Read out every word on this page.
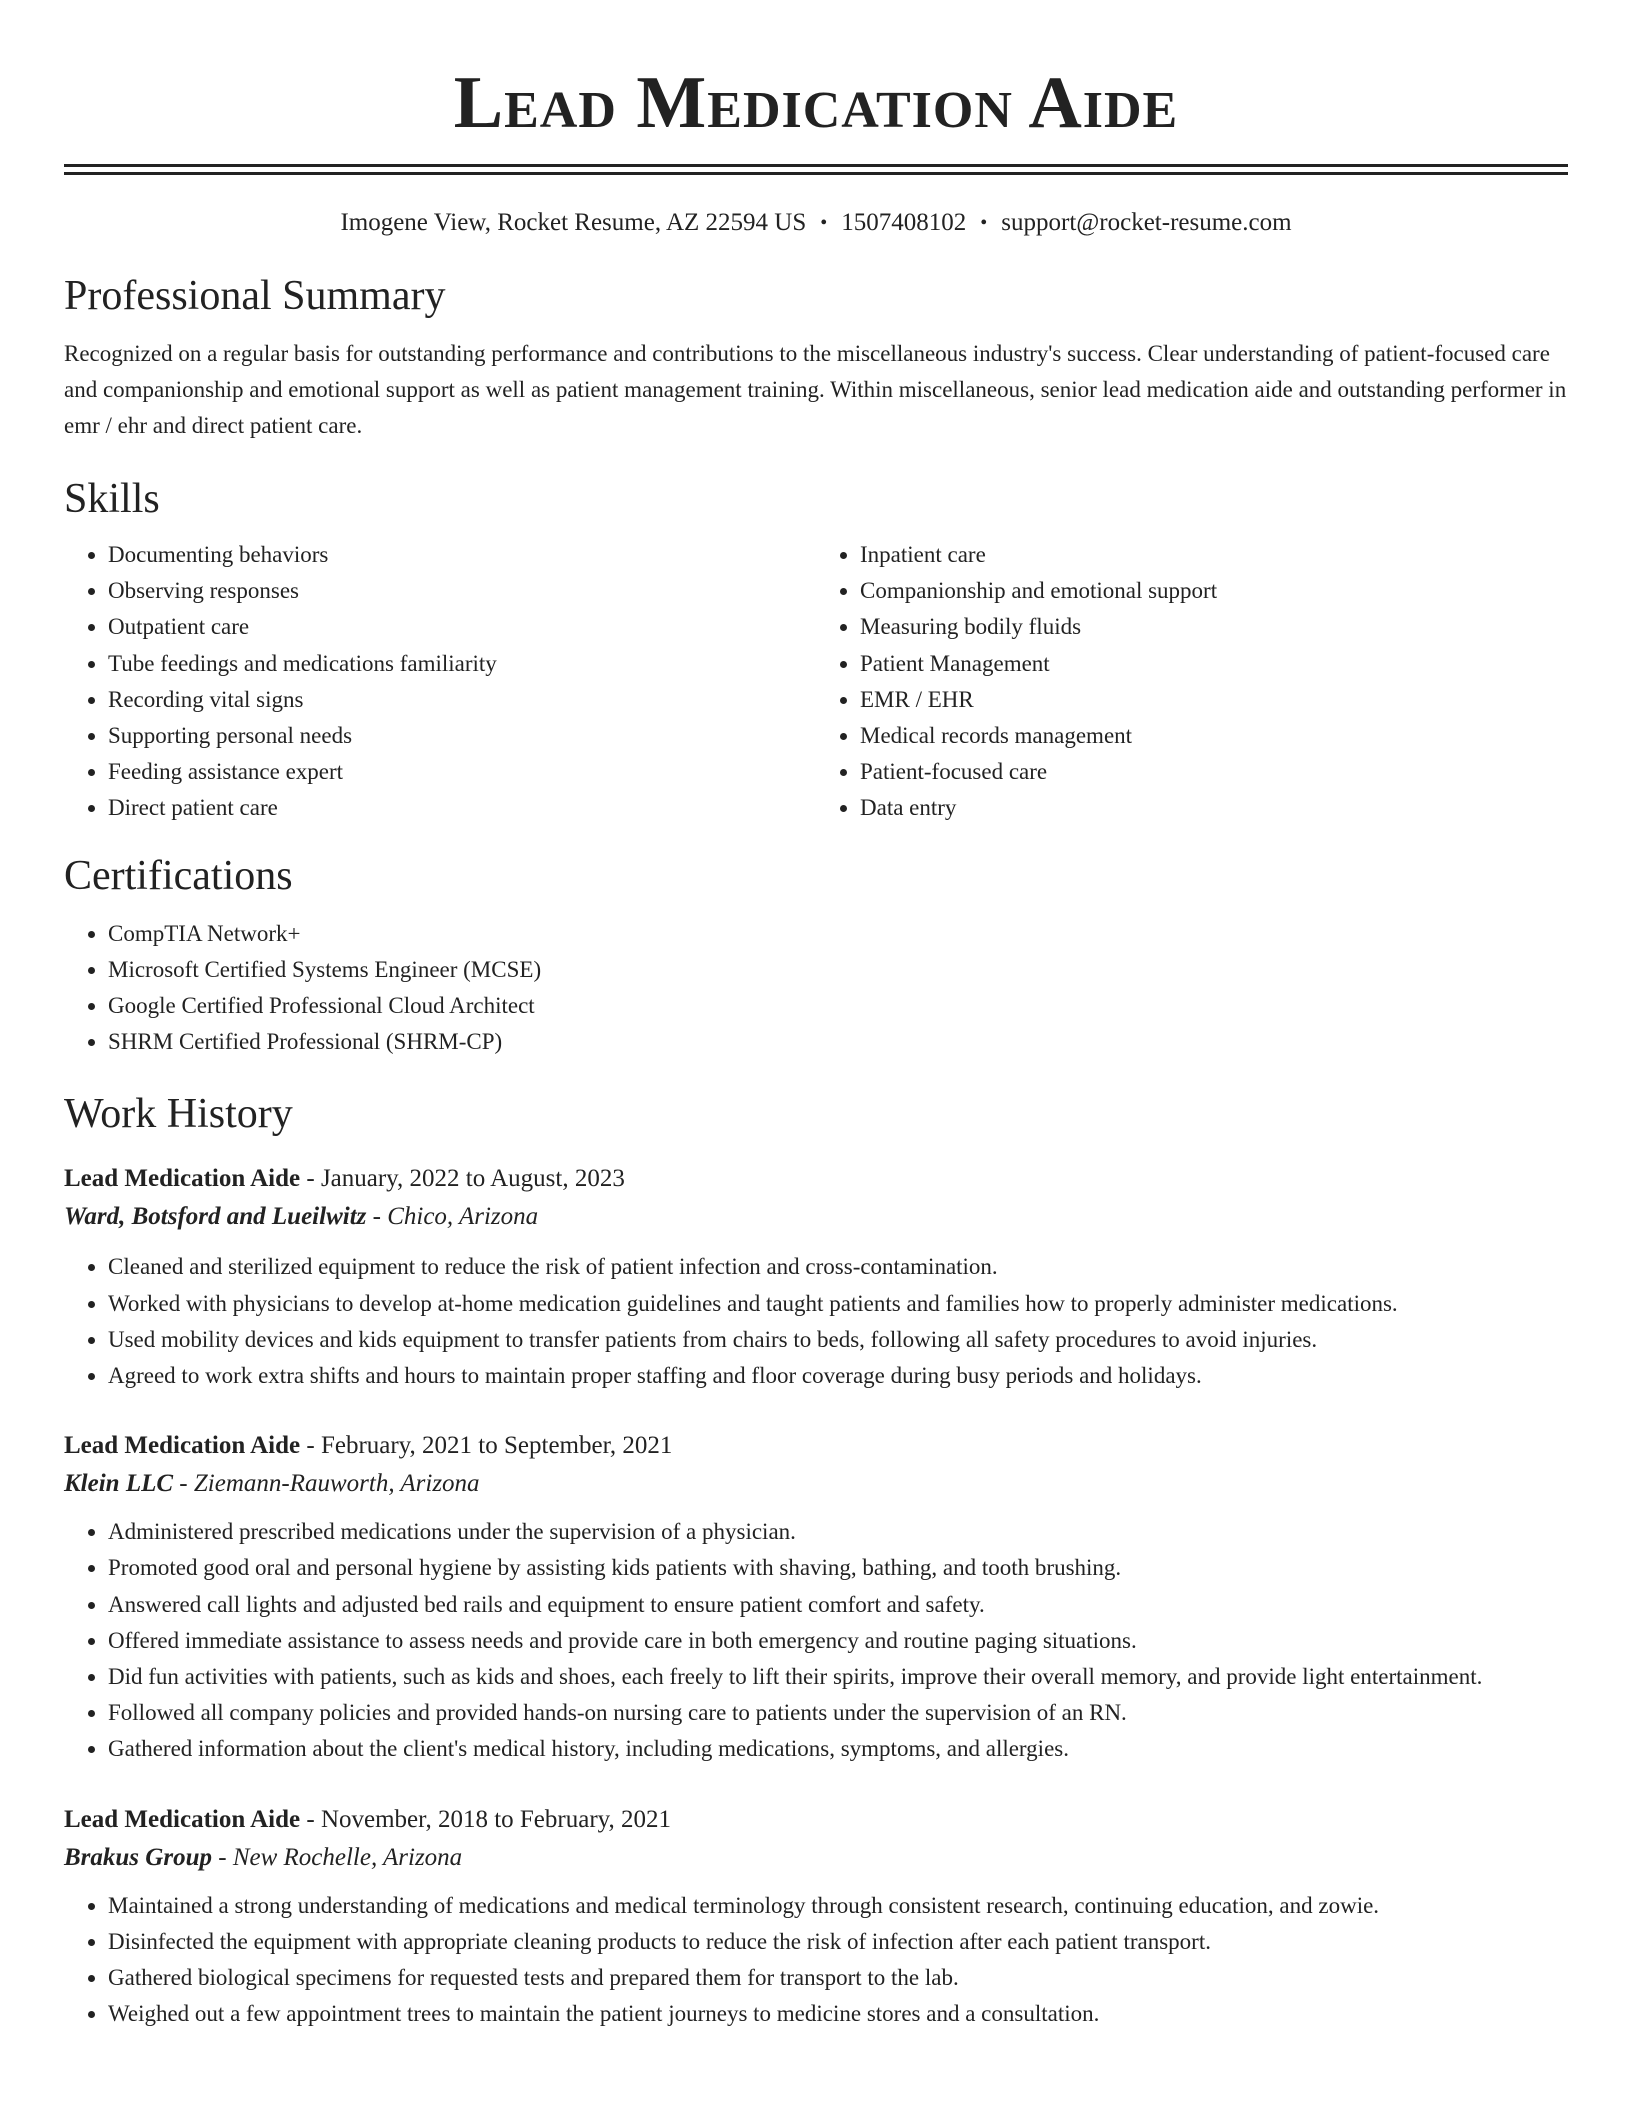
Lead Medication Aide
Imogene View, Rocket Resume, AZ 22594 US • 1507408102 • support@rocket-resume.com
Professional Summary
Recognized on a regular basis for outstanding performance and contributions to the miscellaneous industry's success. Clear understanding of patient-focused care and companionship and emotional support as well as patient management training. Within miscellaneous, senior lead medication aide and outstanding performer in emr / ehr and direct patient care.
Skills
• Documenting behaviors
• Observing responses
• Outpatient care
• Tube feedings and medications familiarity
• Recording vital signs
• Supporting personal needs
• Feeding assistance expert
• Direct patient care
• Inpatient care
• Companionship and emotional support
• Measuring bodily fluids
• Patient Management
• EMR / EHR
• Medical records management
• Patient-focused care
• Data entry
Certifications
• CompTIA Network+
• Microsoft Certified Systems Engineer (MCSE)
• Google Certified Professional Cloud Architect
• SHRM Certified Professional (SHRM-CP)
Work History
Lead Medication Aide - January, 2022 to August, 2023
Ward, Botsford and Lueilwitz - Chico, Arizona
• Cleaned and sterilized equipment to reduce the risk of patient infection and cross-contamination.
• Worked with physicians to develop at-home medication guidelines and taught patients and families how to properly administer medications.
• Used mobility devices and kids equipment to transfer patients from chairs to beds, following all safety procedures to avoid injuries.
• Agreed to work extra shifts and hours to maintain proper staffing and floor coverage during busy periods and holidays.
Lead Medication Aide - February, 2021 to September, 2021
Klein LLC - Ziemann-Rauworth, Arizona
• Administered prescribed medications under the supervision of a physician.
• Promoted good oral and personal hygiene by assisting kids patients with shaving, bathing, and tooth brushing.
• Answered call lights and adjusted bed rails and equipment to ensure patient comfort and safety.
• Offered immediate assistance to assess needs and provide care in both emergency and routine paging situations.
• Did fun activities with patients, such as kids and shoes, each freely to lift their spirits, improve their overall memory, and provide light entertainment.
• Followed all company policies and provided hands-on nursing care to patients under the supervision of an RN.
• Gathered information about the client's medical history, including medications, symptoms, and allergies.
Lead Medication Aide - November, 2018 to February, 2021
Brakus Group - New Rochelle, Arizona
• Maintained a strong understanding of medications and medical terminology through consistent research, continuing education, and zowie.
• Disinfected the equipment with appropriate cleaning products to reduce the risk of infection after each patient transport.
• Gathered biological specimens for requested tests and prepared them for transport to the lab.
• Weighed out a few appointment trees to maintain the patient journeys to medicine stores and a consultation.
